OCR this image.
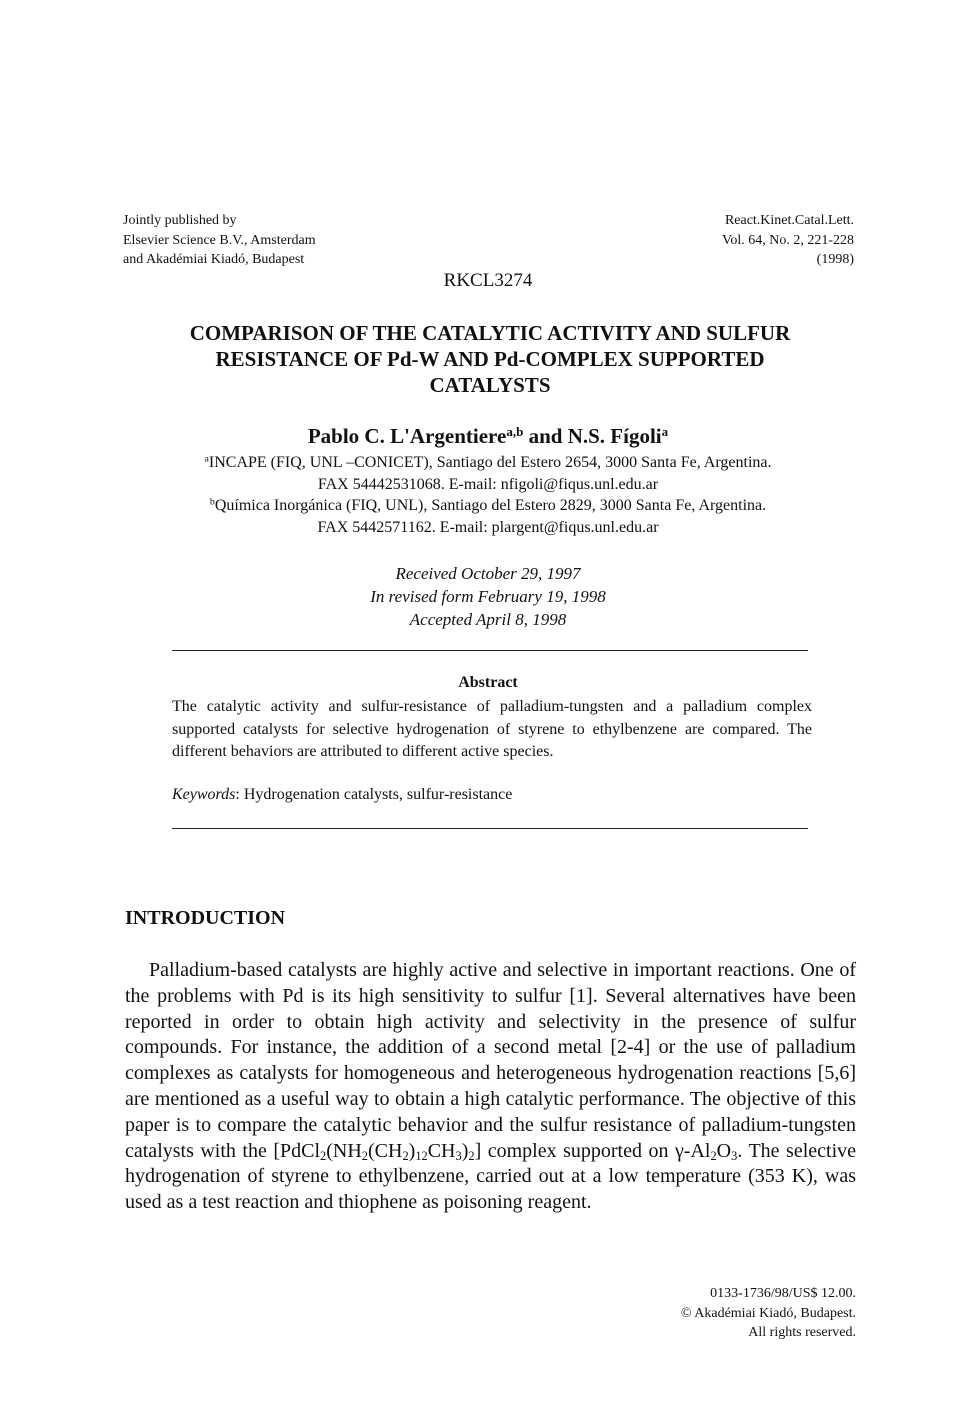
Jointly published by
Elsevier Science B.V., Amsterdam
and Akadémiai Kiadó, Budapest
React.Kinet.Catal.Lett.
Vol. 64, No. 2, 221-228
(1998)
RKCL3274
COMPARISON OF THE CATALYTIC ACTIVITY AND SULFUR
RESISTANCE OF Pd-W AND Pd-COMPLEX SUPPORTED
CATALYSTS
Pablo C. L'Argentiere$^{a,b}$ and N.S. Fígoli$^a$
$^a$INCAPE (FIQ, UNL –CONICET), Santiago del Estero 2654, 3000 Santa Fe, Argentina.
FAX 54442531068. E-mail: nfigoli@fiqus.unl.edu.ar
$^b$Química Inorgánica (FIQ, UNL), Santiago del Estero 2829, 3000 Santa Fe, Argentina.
FAX 5442571162. E-mail: plargent@fiqus.unl.edu.ar
Received October 29, 1997
In revised form February 19, 1998
Accepted April 8, 1998
Abstract
The catalytic activity and sulfur-resistance of palladium-tungsten and a palladium complex supported catalysts for selective hydrogenation of styrene to ethylbenzene are compared. The different behaviors are attributed to different active species.
Keywords: Hydrogenation catalysts, sulfur-resistance
INTRODUCTION
Palladium-based catalysts are highly active and selective in important reactions. One of the problems with Pd is its high sensitivity to sulfur [1]. Several alternatives have been reported in order to obtain high activity and selectivity in the presence of sulfur compounds. For instance, the addition of a second metal [2-4] or the use of palladium complexes as catalysts for homogeneous and heterogeneous hydrogenation reactions [5,6] are mentioned as a useful way to obtain a high catalytic performance. The objective of this paper is to compare the catalytic behavior and the sulfur resistance of palladium-tungsten catalysts with the $[PdCl_2(NH_2(CH_2)_{12}CH_3)_2]$ complex supported on $\gamma-Al_2O_3$. The selective hydrogenation of styrene to ethylbenzene, carried out at a low temperature (353 K), was used as a test reaction and thiophene as poisoning reagent.
0133-1736/98/US$ 12.00.
© Akadémiai Kiadó, Budapest.
All rights reserved.
